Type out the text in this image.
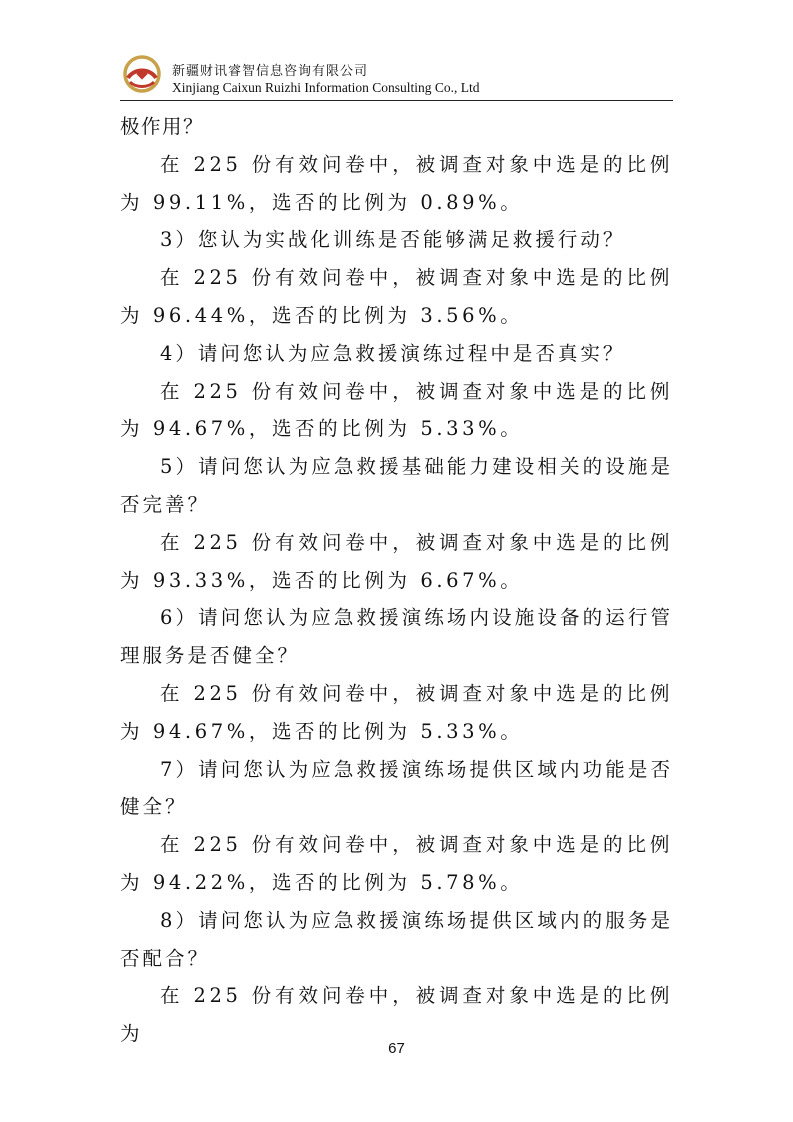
新疆财讯睿智信息咨询有限公司
Xinjiang Caixun Ruizhi Information Consulting Co., Ltd

极作用？

在 225 份有效问卷中，被调查对象中选是的比例为 99.11%，选否的比例为 0.89%。

3）您认为实战化训练是否能够满足救援行动？

在 225 份有效问卷中，被调查对象中选是的比例为 96.44%，选否的比例为 3.56%。

4）请问您认为应急救援演练过程中是否真实？

在 225 份有效问卷中，被调查对象中选是的比例为 94.67%，选否的比例为 5.33%。

5）请问您认为应急救援基础能力建设相关的设施是否完善？

在 225 份有效问卷中，被调查对象中选是的比例为 93.33%，选否的比例为 6.67%。

6）请问您认为应急救援演练场内设施设备的运行管理服务是否健全？

在 225 份有效问卷中，被调查对象中选是的比例为 94.67%，选否的比例为 5.33%。

7）请问您认为应急救援演练场提供区域内功能是否健全？

在 225 份有效问卷中，被调查对象中选是的比例为 94.22%，选否的比例为 5.78%。

8）请问您认为应急救援演练场提供区域内的服务是否配合？

在 225 份有效问卷中，被调查对象中选是的比例为

67
